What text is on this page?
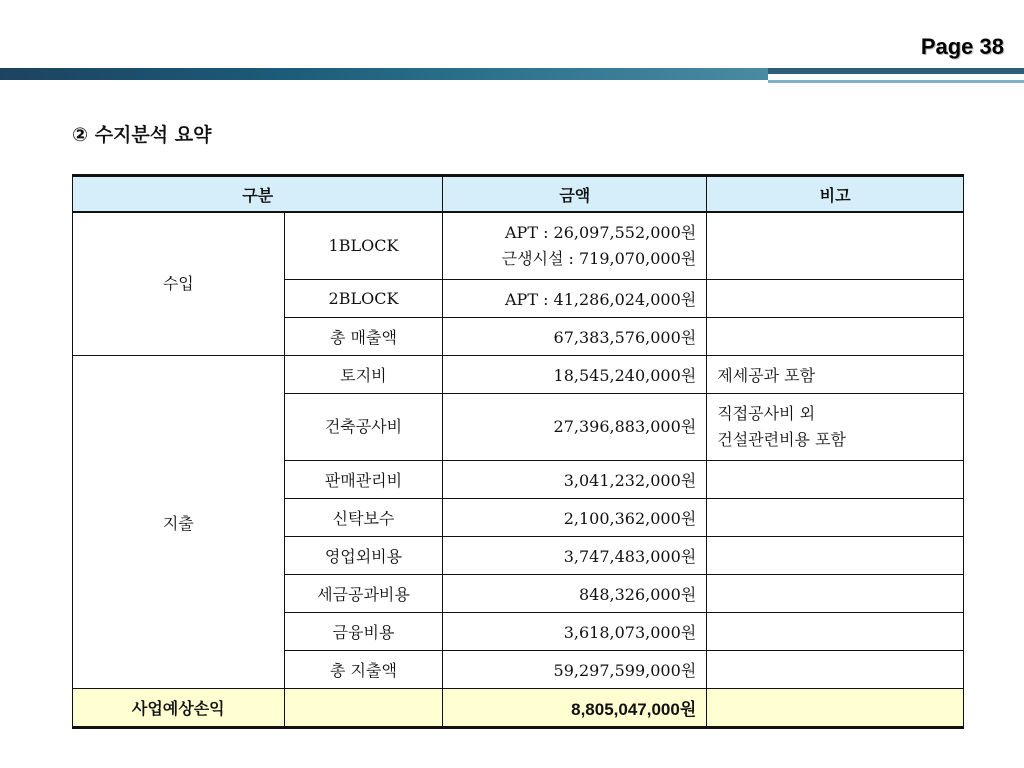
Page 38
② 수지분석 요약
구분		금액	비고
수입	1BLOCK	APT : 26,097,552,000원
근생시설 : 719,070,000원	

	2BLOCK	APT : 41,286,024,000원	
	총 매출액	67,383,576,000원	
지출	토지비	18,545,240,000원	제세공과 포함
	건축공사비	27,396,883,000원	직접공사비 외
건설관련비용 포함

	판매관리비	3,041,232,000원	
	신탁보수	2,100,362,000원	
	영업외비용	3,747,483,000원	
	세금공과비용	848,326,000원	
	금융비용	3,618,073,000원	
	총 지출액	59,297,599,000원	
사업예상손익		8,805,047,000원	
